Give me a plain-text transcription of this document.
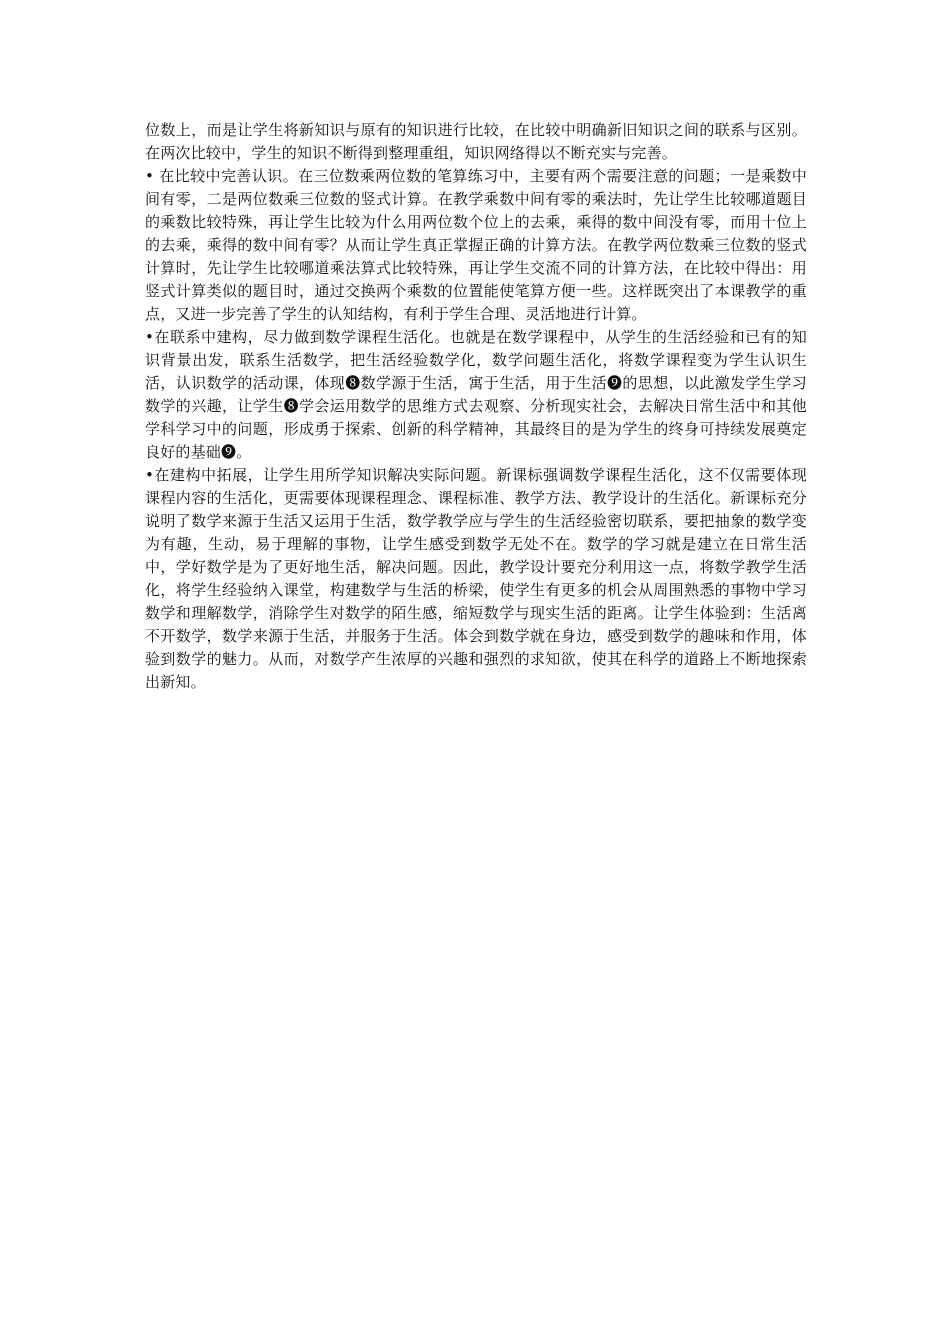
位数上，而是让学生将新知识与原有的知识进行比较，在比较中明确新旧知识之间的联系与区别。在两次比较中，学生的知识不断得到整理重组，知识网络得以不断充实与完善。

• 在比较中完善认识。在三位数乘两位数的笔算练习中，主要有两个需要注意的问题；一是乘数中间有零，二是两位数乘三位数的竖式计算。在教学乘数中间有零的乘法时，先让学生比较哪道题目的乘数比较特殊，再让学生比较为什么用两位数个位上的去乘，乘得的数中间没有零，而用十位上的去乘，乘得的数中间有零？从而让学生真正掌握正确的计算方法。在教学两位数乘三位数的竖式计算时，先让学生比较哪道乘法算式比较特殊，再让学生交流不同的计算方法，在比较中得出：用竖式计算类似的题目时，通过交换两个乘数的位置能使笔算方便一些。这样既突出了本课教学的重点，又进一步完善了学生的认知结构，有利于学生合理、灵活地进行计算。

•在联系中建构，尽力做到数学课程生活化。也就是在数学课程中，从学生的生活经验和已有的知识背景出发，联系生活数学，把生活经验数学化，数学问题生活化，将数学课程变为学生认识生活，认识数学的活动课，体现❽数学源于生活，寓于生活，用于生活❾的思想，以此激发学生学习数学的兴趣，让学生❽学会运用数学的思维方式去观察、分析现实社会，去解决日常生活中和其他学科学习中的问题，形成勇于探索、创新的科学精神，其最终目的是为学生的终身可持续发展奠定良好的基础❾。

•在建构中拓展，让学生用所学知识解决实际问题。新课标强调数学课程生活化，这不仅需要体现课程内容的生活化，更需要体现课程理念、课程标准、教学方法、教学设计的生活化。新课标充分说明了数学来源于生活又运用于生活，数学教学应与学生的生活经验密切联系，要把抽象的数学变为有趣，生动，易于理解的事物，让学生感受到数学无处不在。数学的学习就是建立在日常生活中，学好数学是为了更好地生活，解决问题。因此，教学设计要充分利用这一点，将数学教学生活化，将学生经验纳入课堂，构建数学与生活的桥梁，使学生有更多的机会从周围熟悉的事物中学习数学和理解数学，消除学生对数学的陌生感，缩短数学与现实生活的距离。让学生体验到：生活离不开数学，数学来源于生活，并服务于生活。体会到数学就在身边，感受到数学的趣味和作用，体验到数学的魅力。从而，对数学产生浓厚的兴趣和强烈的求知欲，使其在科学的道路上不断地探索出新知。
